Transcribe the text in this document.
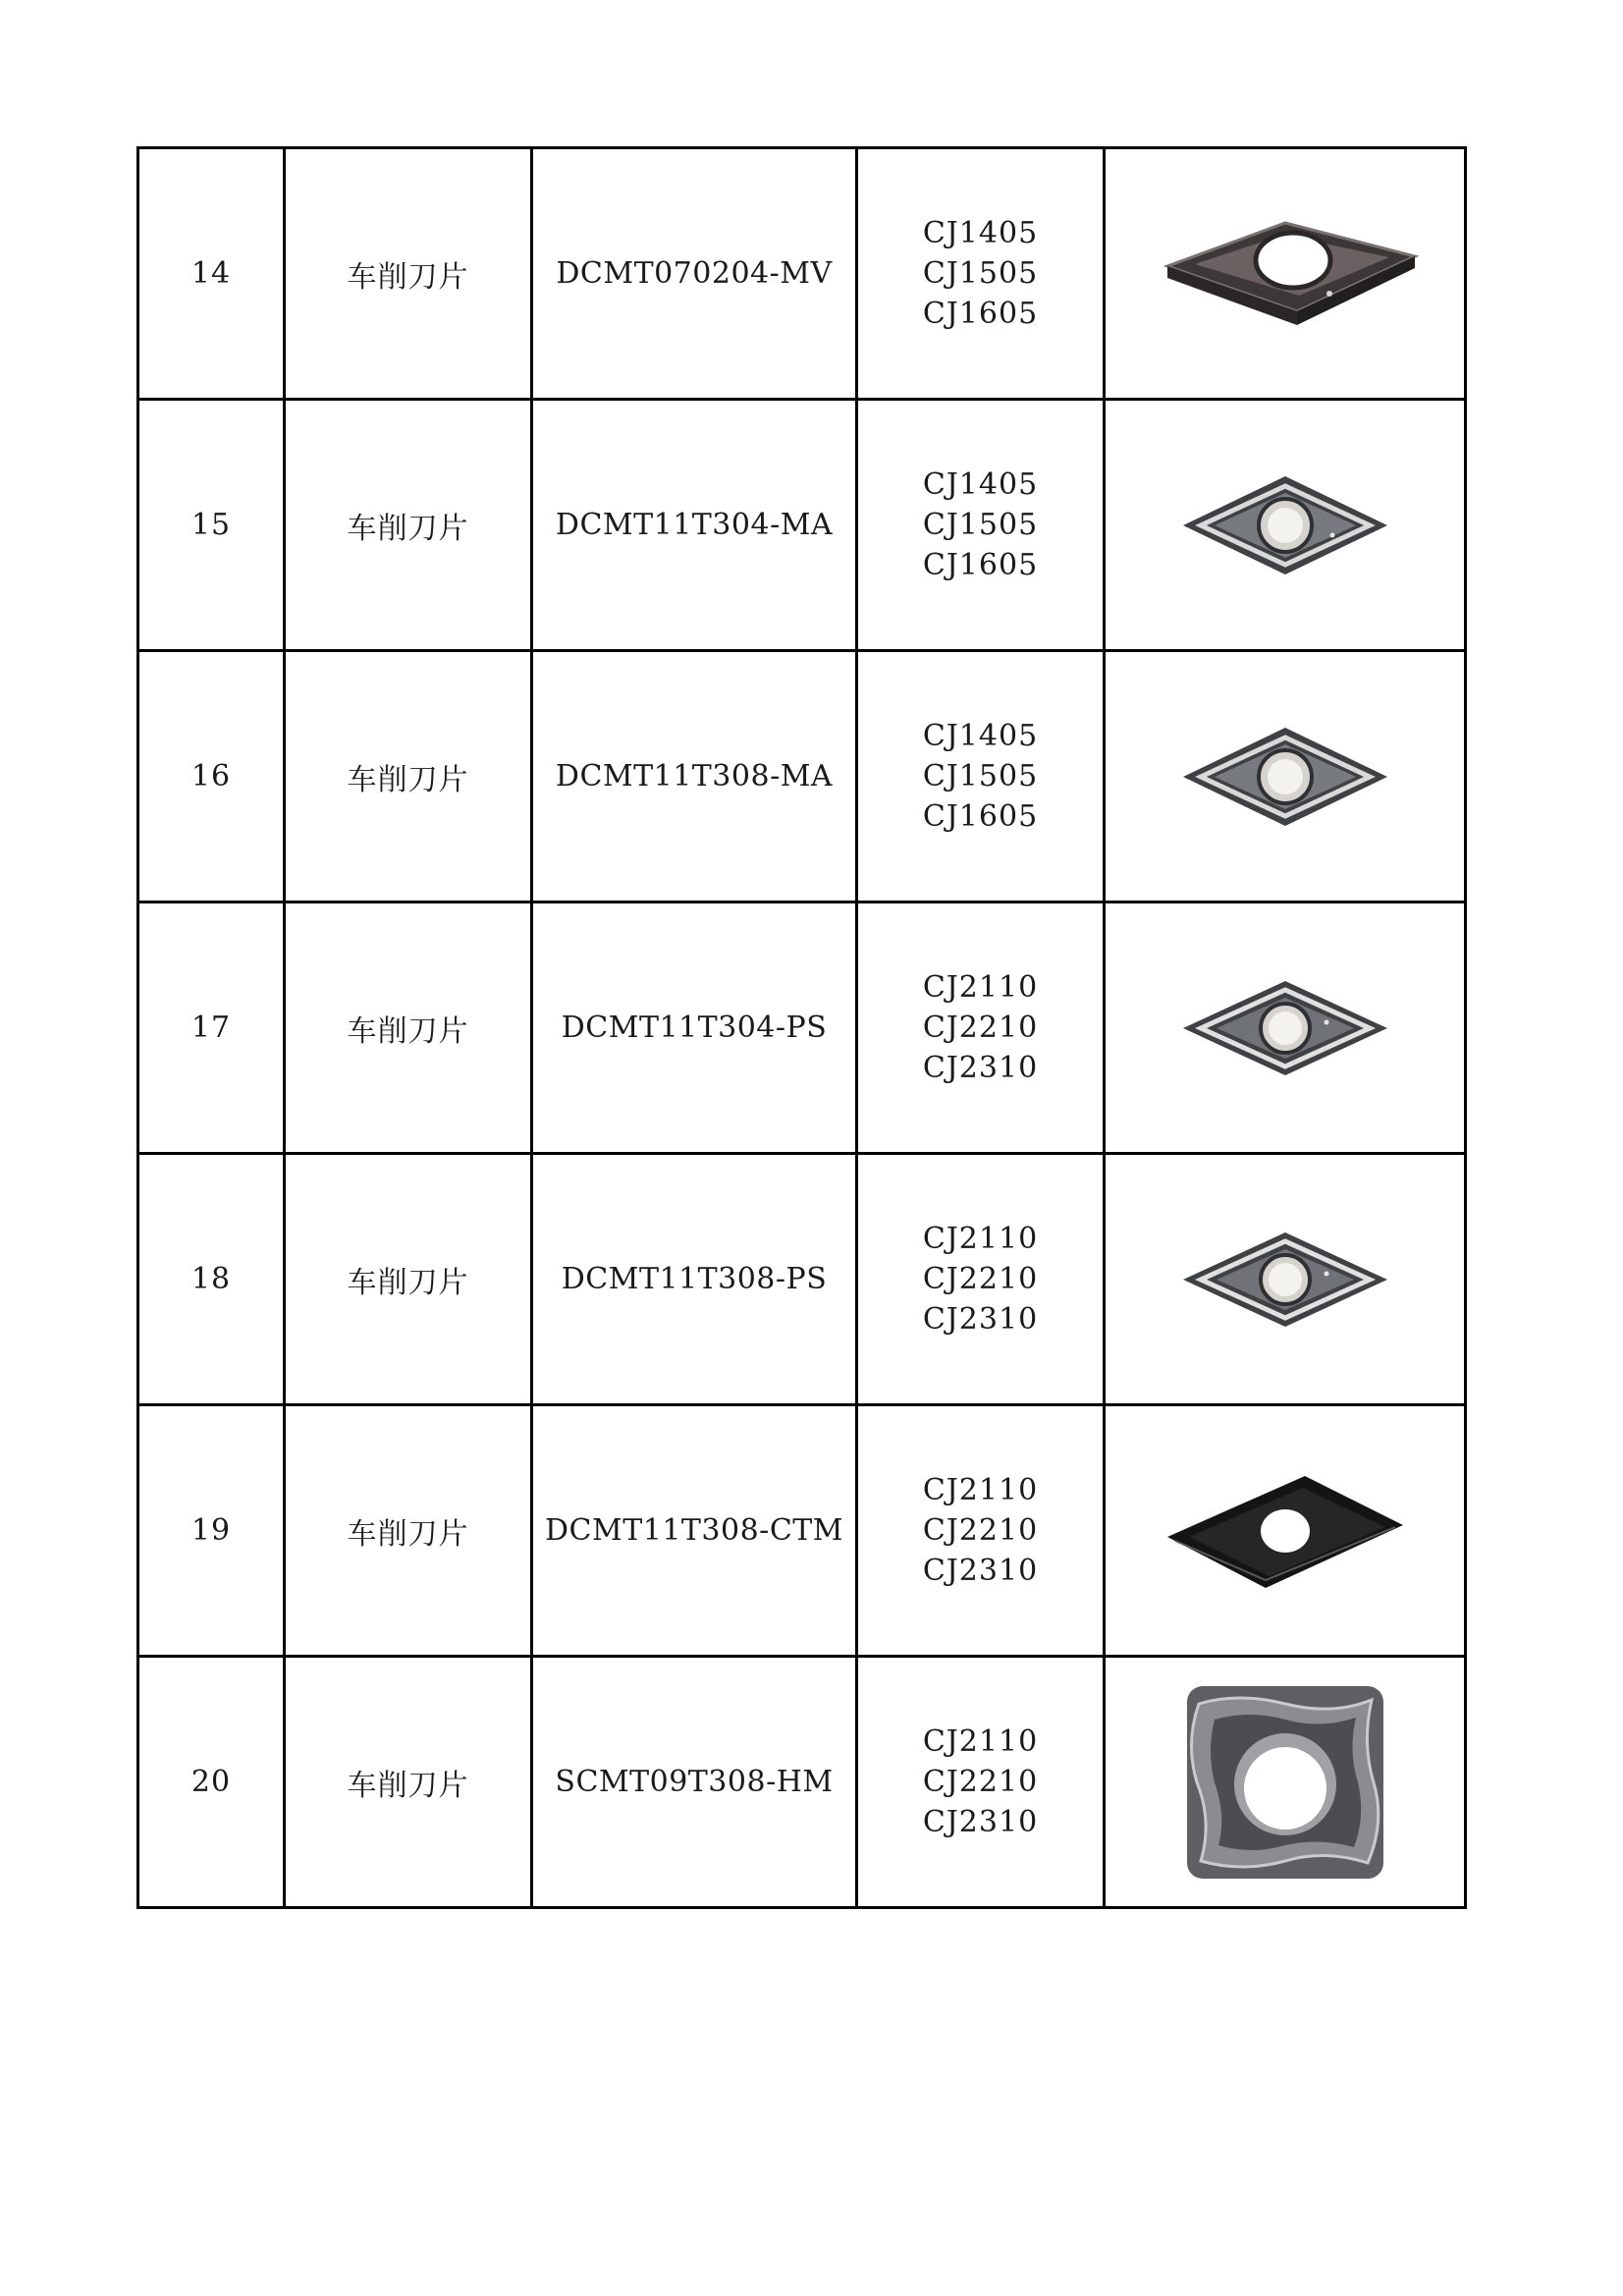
14	车削刀片	DCMT070204-MV	CJ1405
CJ1505
CJ1605

15	车削刀片	DCMT11T304-MA	CJ1405
CJ1505
CJ1605

16	车削刀片	DCMT11T308-MA	CJ1405
CJ1505
CJ1605

17	车削刀片	DCMT11T304-PS	CJ2110
CJ2210
CJ2310

18	车削刀片	DCMT11T308-PS	CJ2110
CJ2210
CJ2310

19	车削刀片	DCMT11T308-CTM	CJ2110
CJ2210
CJ2310

20	车削刀片	SCMT09T308-HM	CJ2110
CJ2210
CJ2310
